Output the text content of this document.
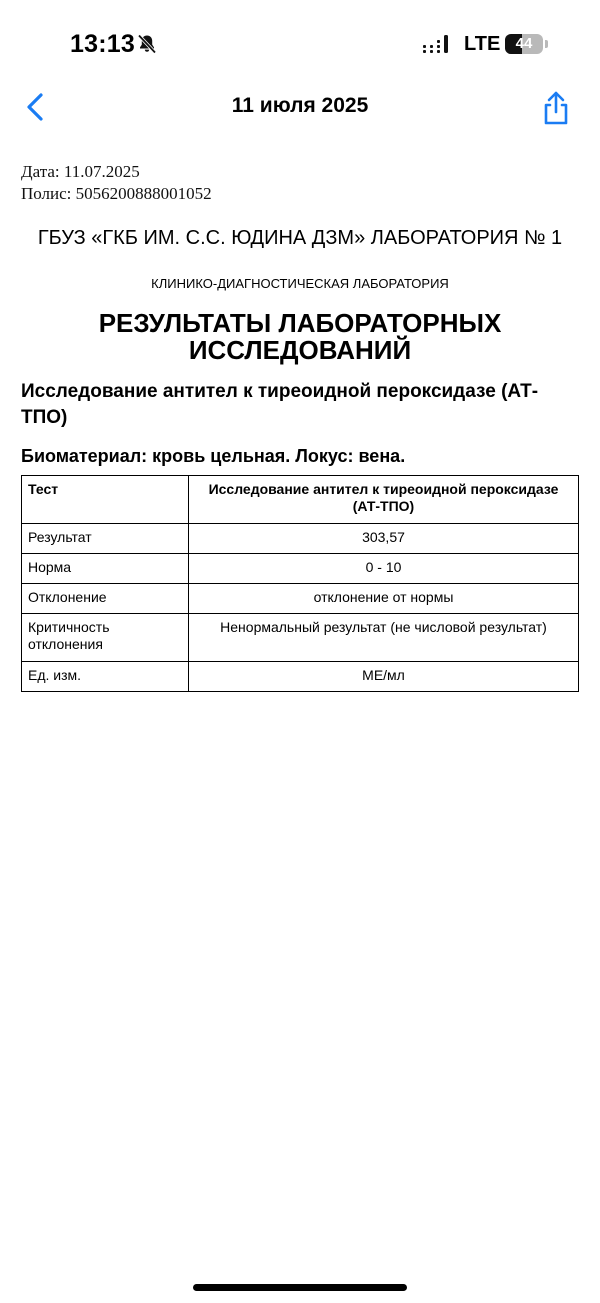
13:13	LTE	44
11 июля 2025
Дата: 11.07.2025
Полис: 5056200888001052
ГБУЗ «ГКБ ИМ. С.С. ЮДИНА ДЗМ» ЛАБОРАТОРИЯ № 1
КЛИНИКО-ДИАГНОСТИЧЕСКАЯ ЛАБОРАТОРИЯ
РЕЗУЛЬТАТЫ ЛАБОРАТОРНЫХ ИССЛЕДОВАНИЙ
Исследование антител к тиреоидной пероксидазе (АТ-ТПО)
Биоматериал: кровь цельная. Локус: вена.
Тест	Исследование антител к тиреоидной пероксидазе (АТ-ТПО)
Результат	303,57
Норма	0 - 10
Отклонение	отклонение от нормы
Критичность отклонения	Ненормальный результат (не числовой результат)
Ед. изм.	МЕ/мл
